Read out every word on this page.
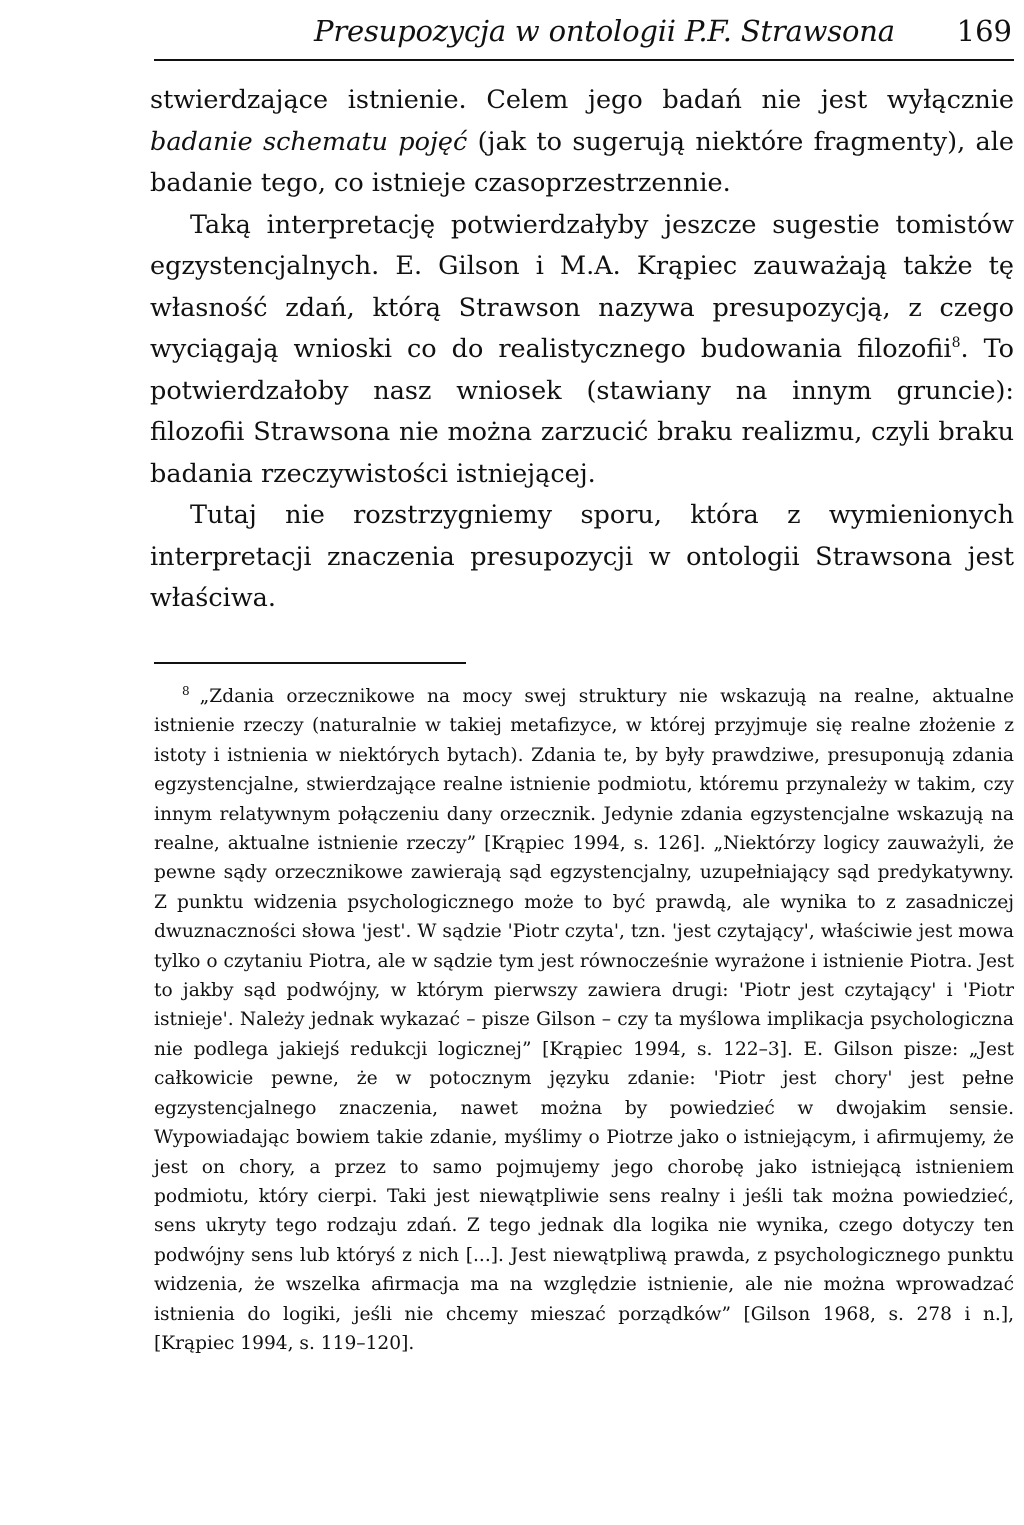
Presupozycja w ontologii P.F. Strawsona 169

stwierdzające istnienie. Celem jego badań nie jest wyłącznie badanie schematu pojęć (jak to sugerują niektóre fragmenty), ale badanie tego, co istnieje czasoprzestrzennie.

Taką interpretację potwierdzałyby jeszcze sugestie tomistów egzystencjalnych. E. Gilson i M.A. Krąpiec zauważają także tę własność zdań, którą Strawson nazywa presupozycją, z czego wyciągają wnioski co do realistycznego budowania filozofii$^8$. To potwierdzałoby nasz wniosek (stawiany na innym gruncie): filozofii Strawsona nie można zarzucić braku realizmu, czyli braku badania rzeczywistości istniejącej.

Tutaj nie rozstrzygniemy sporu, która z wymienionych interpretacji znaczenia presupozycji w ontologii Strawsona jest właściwa.

$^8$ „Zdania orzecznikowe na mocy swej struktury nie wskazują na realne, aktualne istnienie rzeczy (naturalnie w takiej metafizyce, w której przyjmuje się realne złożenie z istoty i istnienia w niektórych bytach). Zdania te, by były prawdziwe, presuponują zdania egzystencjalne, stwierdzające realne istnienie podmiotu, któremu przynależy w takim, czy innym relatywnym połączeniu dany orzecznik. Jedynie zdania egzystencjalne wskazują na realne, aktualne istnienie rzeczy” [Krąpiec 1994, s. 126]. „Niektórzy logicy zauważyli, że pewne sądy orzecznikowe zawierają sąd egzystencjalny, uzupełniający sąd predykatywny. Z punktu widzenia psychologicznego może to być prawdą, ale wynika to z zasadniczej dwuznaczności słowa 'jest'. W sądzie 'Piotr czyta', tzn. 'jest czytający', właściwie jest mowa tylko o czytaniu Piotra, ale w sądzie tym jest równocześnie wyrażone i istnienie Piotra. Jest to jakby sąd podwójny, w którym pierwszy zawiera drugi: 'Piotr jest czytający' i 'Piotr istnieje'. Należy jednak wykazać – pisze Gilson – czy ta myślowa implikacja psychologiczna nie podlega jakiejś redukcji logicznej” [Krąpiec 1994, s. 122–3]. E. Gilson pisze: „Jest całkowicie pewne, że w potocznym języku zdanie: 'Piotr jest chory' jest pełne egzystencjalnego znaczenia, nawet można by powiedzieć w dwojakim sensie. Wypowiadając bowiem takie zdanie, myślimy o Piotrze jako o istniejącym, i afirmujemy, że jest on chory, a przez to samo pojmujemy jego chorobę jako istniejącą istnieniem podmiotu, który cierpi. Taki jest niewątpliwie sens realny i jeśli tak można powiedzieć, sens ukryty tego rodzaju zdań. Z tego jednak dla logika nie wynika, czego dotyczy ten podwójny sens lub któryś z nich [...]. Jest niewątpliwą prawda, z psychologicznego punktu widzenia, że wszelka afirmacja ma na względzie istnienie, ale nie można wprowadzać istnienia do logiki, jeśli nie chcemy mieszać porządków” [Gilson 1968, s. 278 i n.], [Krąpiec 1994, s. 119–120].
